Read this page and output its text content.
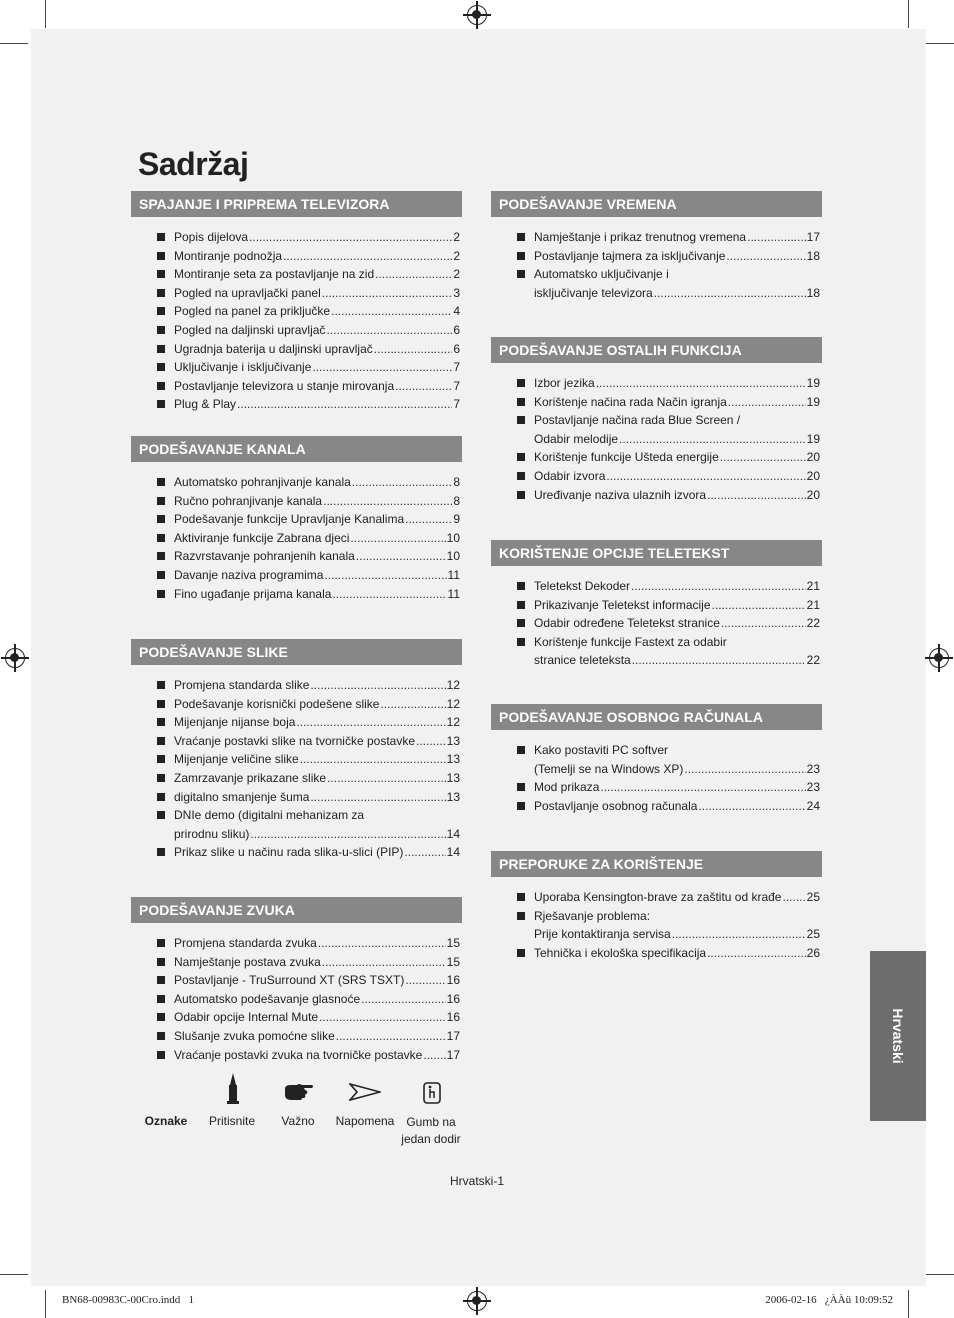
Sadržaj
SPAJANJE I PRIPREMA TELEVIZORA
Popis dijelova .....	2
Montiranje podnožja .....	2
Montiranje seta za postavljanje na zid .....	2
Pogled na upravljački panel .....	3
Pogled na panel za priključke .....	4
Pogled na daljinski upravljač .....	6
Ugradnja baterija u daljinski upravljač .....	6
Uključivanje i isključivanje .....	7
Postavljanje televizora u stanje mirovanja .....	7
Plug & Play .....	7
PODEŠAVANJE KANALA
Automatsko pohranjivanje kanala .....	8
Ručno pohranjivanje kanala .....	8
Podešavanje funkcije Upravljanje Kanalima .....	9
Aktiviranje funkcije Zabrana djeci .....	10
Razvrstavanje pohranjenih kanala .....	10
Davanje naziva programima .....	11
Fino ugađanje prijama kanala .....	11
PODEŠAVANJE SLIKE
Promjena standarda slike .....	12
Podešavanje korisnički podešene slike .....	12
Mijenjanje nijanse boja .....	12
Vraćanje postavki slike na tvorničke postavke .....	13
Mijenjanje veličine slike .....	13
Zamrzavanje prikazane slike .....	13
digitalno smanjenje šuma .....	13
DNIe demo (digitalni mehanizam za
prirodnu sliku) .....	14
Prikaz slike u načinu rada slika-u-slici (PIP) .....	14
PODEŠAVANJE ZVUKA
Promjena standarda zvuka .....	15
Namještanje postava zvuka .....	15
Postavljanje - TruSurround XT (SRS TSXT) .....	16
Automatsko podešavanje glasnoće .....	16
Odabir opcije Internal Mute .....	16
Slušanje zvuka pomoćne slike .....	17
Vraćanje postavki zvuka na tvorničke postavke ..... 17
PODEŠAVANJE VREMENA
Namještanje i prikaz trenutnog vremena .....	17
Postavljanje tajmera za isključivanje .....	18
Automatsko uključivanje i
isključivanje televizora .....	18
PODEŠAVANJE OSTALIH FUNKCIJA
Izbor jezika .....	19
Korištenje načina rada Način igranja .....	19
Postavljanje načina rada Blue Screen /
Odabir melodije .....	19
Korištenje funkcije Ušteda energije .....	20
Odabir izvora .....	20
Uređivanje naziva ulaznih izvora .....	20
KORIŠTENJE OPCIJE TELETEKST
Teletekst Dekoder .....	21
Prikazivanje Teletekst informacije .....	21
Odabir određene Teletekst stranice .....	22
Korištenje funkcije Fastext za odabir
stranice teleteksta .....	22
PODEŠAVANJE OSOBNOG RAČUNALA
Kako postaviti PC softver
(Temelji se na Windows XP) .....	23
Mod prikaza .....	23
Postavljanje osobnog računala .....	24
PREPORUKE ZA KORIŠTENJE
Uporaba Kensington-brave za zaštitu od krađe ..... 25
Rješavanje problema:
Prije kontaktiranja servisa .....	25
Tehnička i ekološka specifikacija .....	26
Oznake	Pritisnite	Važno	Napomena Gumb na
jedan dodir
Hrvatski
Hrvatski-1
BN68-00983C-00Cro.indd   1	2006-02-16   ¿ÀÀü 10:09:52
